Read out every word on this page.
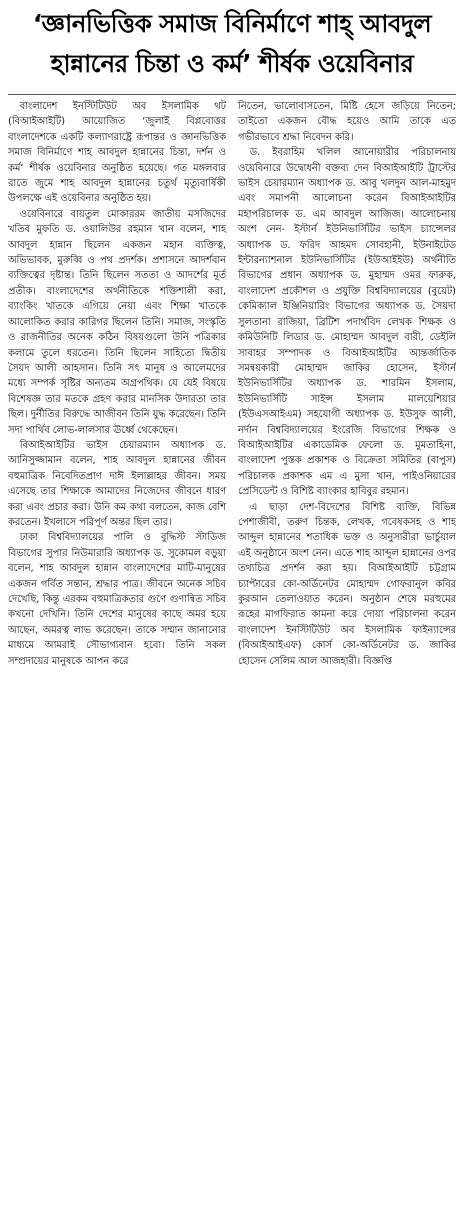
‘জ্ঞানভিত্তিক সমাজ বিনির্মাণে শাহ্ আবদুল
হান্নানের চিন্তা ও কর্ম’ শীর্ষক ওয়েবিনার

বাংলাদেশ ইনস্টিটিউট অব ইসলামিক থট (বিআইআইটি) আয়োজিত ‘জুলাই বিপ্লবোত্তর বাংলাদেশকে একটি কল্যাণরাষ্ট্রে রূপান্তর ও জ্ঞানভিত্তিক সমাজ বিনির্মাণে শাহ আবদুল হান্নানের চিন্তা, দর্শন ও কর্ম’ শীর্ষক ওয়েবিনার অনুষ্ঠিত হয়েছে। গত মঙ্গলবার রাতে জুমে শাহ আবদুল হান্নানের চতুর্থ মৃত্যুবার্ষিকী উপলক্ষে এই ওয়েবিনার অনুষ্ঠিত হয়।

ওয়েবিনারে বায়তুল মোকাররম জাতীয় মসজিদের খতিব মুফতি ড. ওয়ালিউর রহমান খান বলেন, শাহ আবদুল হান্নান ছিলেন একজন মহান ব্যক্তিত্ব, অভিভাবক, মুরুব্বি ও পথ প্রদর্শক। প্রশাসনে আদর্শবান ব্যক্তিত্বের দৃষ্টান্ত। তিনি ছিলেন সততা ও আদর্শের মূর্ত প্রতীক। বাংলাদেশের অর্থনীতিকে শক্তিশালী করা, ব্যাংকিং খাতকে এগিয়ে নেয়া এবং শিক্ষা খাতকে আলোকিত করার কারিগর ছিলেন তিনি। সমাজ, সংস্কৃতি ও রাজনীতির অনেক কঠিন বিষয়গুলো উনি পত্রিকার কলামে তুলে ধরতেন। তিনি ছিলেন সাহিত্যে দ্বিতীয় সৈয়দ আলী আহসান। তিনি সৎ মানুষ ও আলেমদের মধ্যে সম্পর্ক সৃষ্টির অন্যতম অগ্রপথিক। যে যেই বিষয়ে বিশেষজ্ঞ তার মতকে গ্রহণ করার মানসিক উদারতা তার ছিল। দুর্নীতির বিরুদ্ধে আজীবন তিনি যুদ্ধ করেছেন। তিনি সদা পার্থিব লোভ-লালসার ঊর্ধ্বে থেকেছেন।

বিআইআইটির ভাইস চেয়ারম্যান অধ্যাপক ড. আনিসুজ্জামান বলেন, শাহ আবদুল হান্নানের জীবন বহুমাত্রিক নিবেদিতপ্রাণ দাঈ ইলাল্লাহর জীবন। সময় এসেছে তার শিক্ষাকে আমাদের নিজেদের জীবনে ধারণ করা এবং প্রচার করা। উনি কম কথা বলতেন, কাজ বেশি করতেন। ইখলাসে পরিপূর্ণ অন্তর ছিল তার।

ঢাকা বিশ্ববিদ্যালয়ের পালি ও বুদ্ধিস্ট স্টাডিজ বিভাগের সুপার নিউমারারি অধ্যাপক ড. সুকোমল বড়ুয়া বলেন, শাহ আবদুল হান্নান বাংলাদেশের মাটি-মানুষের একজন গর্বিত সন্তান, শ্রদ্ধার পাত্র। জীবনে অনেক সচিব দেখেছি, কিন্তু এরকম বহুমাত্রিকতার গুণে গুণান্বিত সচিব কখনো দেখিনি। তিনি দেশের মানুষের কাছে অমর হয়ে আছেন, অমরত্ব লাভ করেছেন। তাকে সম্মান জানানোর মাধ্যমে আমরাই সৌভাগ্যবান হবো। তিনি সকল সম্প্রদায়ের মানুষকে আপন করে

নিতেন, ভালোবাসতেন, মিষ্টি হেসে জড়িয়ে নিতেন; তাইতো একজন বৌদ্ধ হয়েও আমি তাকে এত গভীরভাবে শ্রদ্ধা নিবেদন করি।

ড. ইবরাহিম খলিল আনোয়ারীর পরিচালনায় ওয়েবিনারে উদ্বোধনী বক্তব্য দেন বিআইআইটি ট্রাস্টের ভাইস চেয়ারম্যান অধ্যাপক ড. আবু খলদুন আল-মাহমুদ এবং সমাপনী আলোচনা করেন বিআইআইটির মহাপরিচালক ড. এম আবদুল আজিজ। আলোচনায় অংশ নেন- ইস্টার্ন ইউনিভার্সিটির ভাইস চ্যান্সেলর অধ্যাপক ড. ফরিদ আহমদ সোবহানী, ইউনাইটেড ইন্টারন্যাশনাল ইউনিভার্সিটির (ইউআইইউ) অর্থনীতি বিভাগের প্রধান অধ্যাপক ড. মুহাম্মদ ওমর ফারুক, বাংলাদেশ প্রকৌশল ও প্রযুক্তি বিশ্ববিদ্যালয়ের (বুয়েট) কেমিক্যাল ইঞ্জিনিয়ারিং বিভাগের অধ্যাপক ড. সৈয়দা সুলতানা রাজিয়া, ব্রিটিশ পদার্থবিদ লেখক শিক্ষক ও কমিউনিটি লিডার ড. মোহাম্মদ আবদুল বারী, ডেইলি সাবাহর সম্পাদক ও বিআইআইটির আন্তর্জাতিক সমন্বয়কারী মোহাম্মদ জাকির হোসেন, ইস্টার্ন ইউনিভার্সিটির অধ্যাপক ড. শারমিন ইসলাম, ইউনিভার্সিটি সাইন্স ইসলাম মালয়েশিয়ার (ইউএসআইএম) সহযোগী অধ্যাপক ড. ইউসুফ আলী, নর্দান বিশ্ববিদ্যালয়ের ইংরেজি বিভাগের শিক্ষক ও বিআইআইটির একাডেমিক ফেলো ড. মুমতাহিনা, বাংলাদেশ পুস্তক প্রকাশক ও বিক্রেতা সমিতির (বাপুস) পরিচালক প্রকাশক এম এ মুসা খান, পাইওনিয়ারের প্রেসিডেন্ট ও বিশিষ্ট ব্যাংকার হাবিবুর রহমান।

এ ছাড়া দেশ-বিদেশের বিশিষ্ট ব্যক্তি, বিভিন্ন পেশাজীবী, তরুণ চিন্তক, লেখক, গবেষকসহ ও শাহ আব্দুল হান্নানের শতাধিক ভক্ত ও অনুসারীরা ভার্চুয়াল এই অনুষ্ঠানে অংশ নেন। এতে শাহ আব্দুল হান্নানের ওপর তথ্যচিত্র প্রদর্শন করা হয়। বিআইআইটি চট্টগ্রাম চ্যাপ্টারের কো-অর্ডিনেটর মোহাম্মদ গোফরানুল কবির কুরআন তেলাওয়াত করেন। অনুষ্ঠান শেষে মরহুমের রূহের মাগফিরাত কামনা করে দোয়া পরিচালনা করেন বাংলাদেশ ইনস্টিটিউট অব ইসলামিক ফাইন্যান্সের (বিআইআইএফ) কোর্স কো-অর্ডিনেটর ড. জাকির হোসেন সেলিম আল আজহারী। বিজ্ঞপ্তি
